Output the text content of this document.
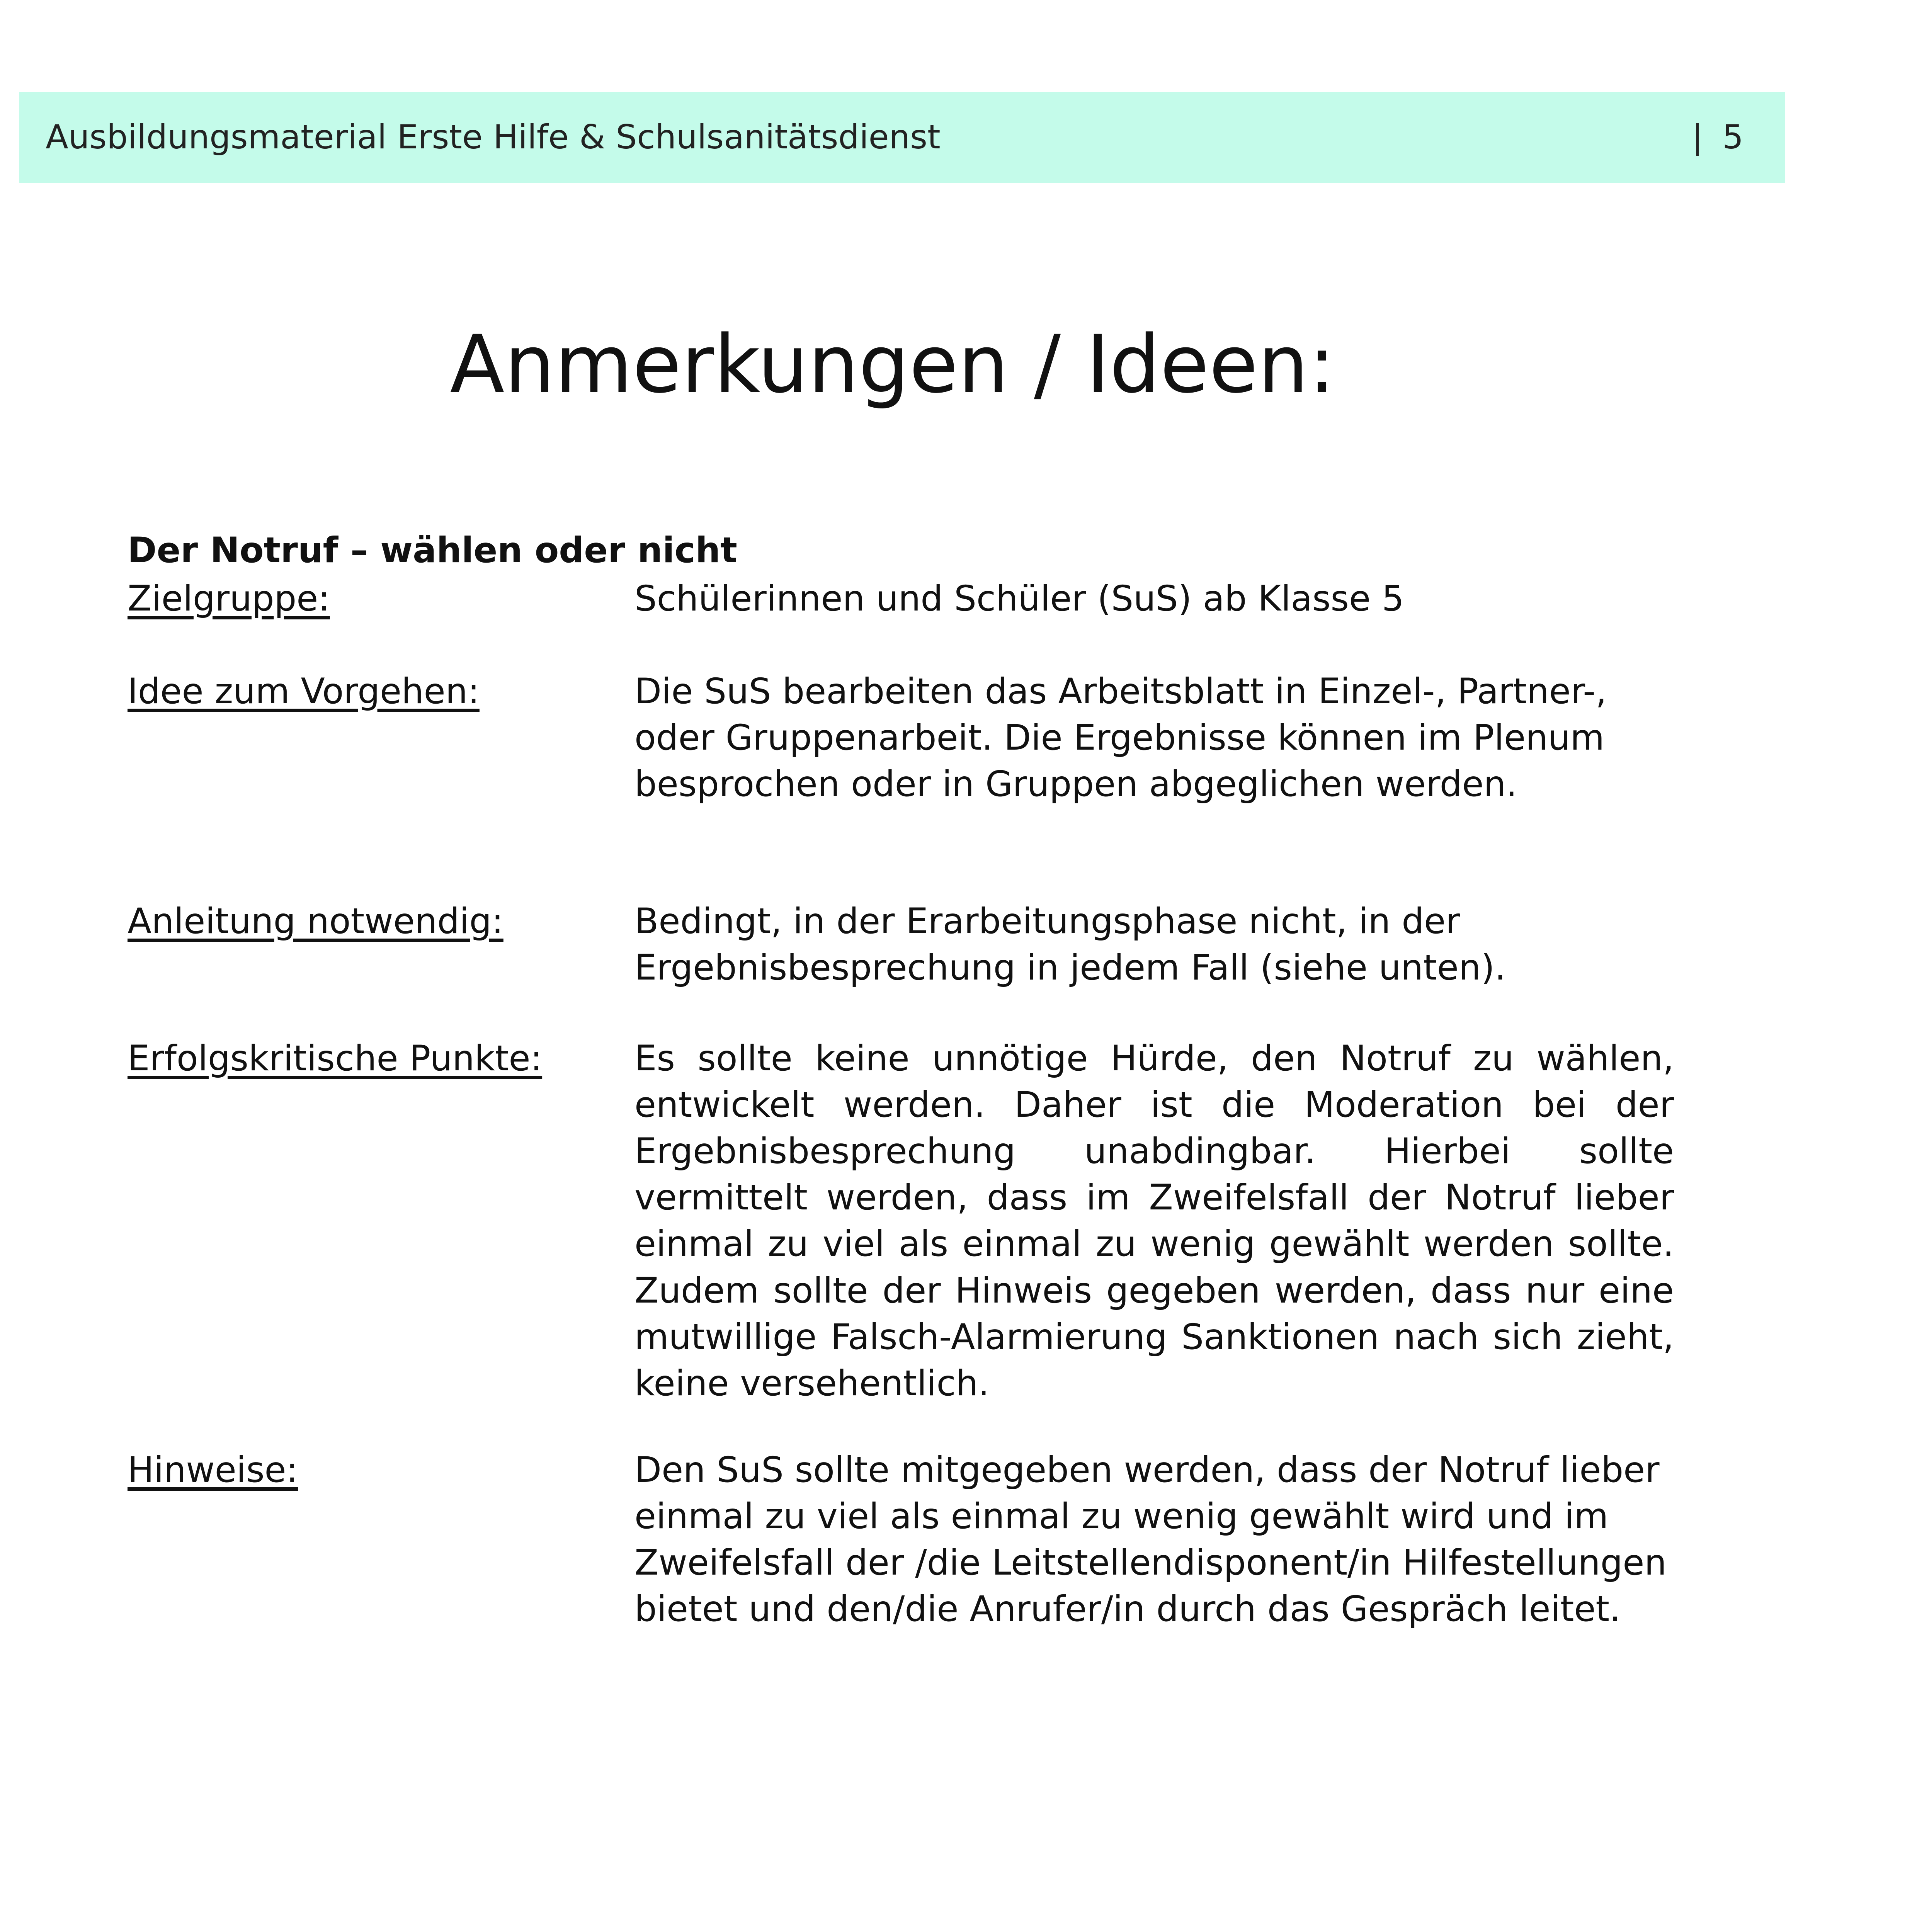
Ausbildungsmaterial Erste Hilfe & Schulsanitätsdienst	| 5
Anmerkungen / Ideen:
Der Notruf – wählen oder nicht
Zielgruppe:	Schülerinnen und Schüler (SuS) ab Klasse 5

Idee zum Vorgehen:	Die SuS bearbeiten das Arbeitsblatt in Einzel-, Partner-, oder Gruppenarbeit. Die Ergebnisse können im Plenum besprochen oder in Gruppen abgeglichen werden.

Anleitung notwendig:	Bedingt, in der Erarbeitungsphase nicht, in der Ergebnisbesprechung in jedem Fall (siehe unten).

Erfolgskritische Punkte:	Es sollte keine unnötige Hürde, den Notruf zu wählen, entwickelt werden. Daher ist die Moderation bei der Ergebnisbesprechung unabdingbar. Hierbei sollte vermittelt werden, dass im Zweifelsfall der Notruf lieber einmal zu viel als einmal zu wenig gewählt werden sollte. Zudem sollte der Hinweis gegeben werden, dass nur eine mutwillige Falsch-Alarmierung Sanktionen nach sich zieht, keine versehentlich.

Hinweise:	Den SuS sollte mitgegeben werden, dass der Notruf lieber einmal zu viel als einmal zu wenig gewählt wird und im Zweifelsfall der /die Leitstellendisponent/in Hilfestellungen bietet und den/die Anrufer/in durch das Gespräch leitet.
